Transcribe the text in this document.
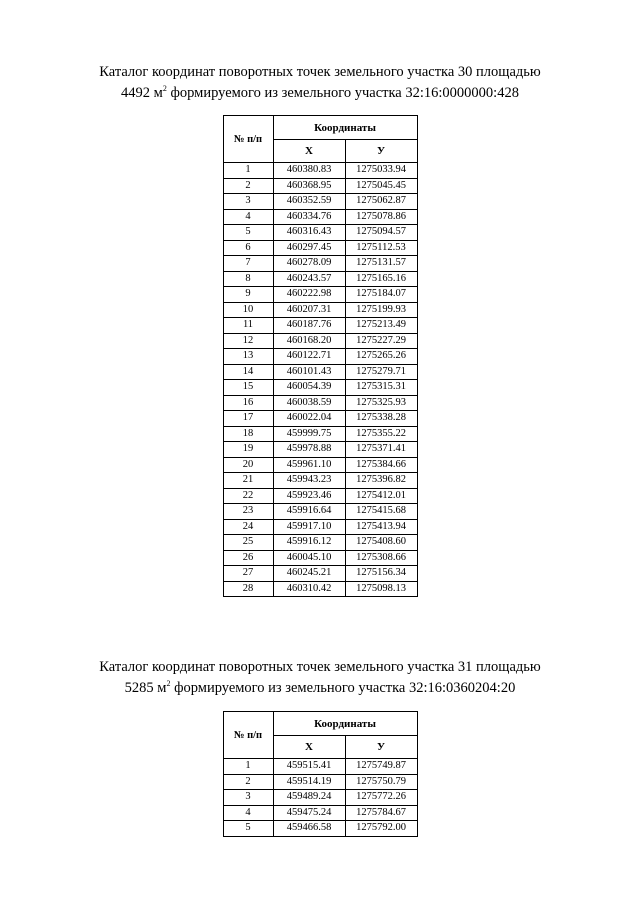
Каталог координат поворотных точек земельного участка 30 площадью
4492 $м^2$ формируемого из земельного участка 32:16:0000000:428

№ п/п	Координаты	
	Х	У
1	460380.83	1275033.94
2	460368.95	1275045.45
3	460352.59	1275062.87
4	460334.76	1275078.86
5	460316.43	1275094.57
6	460297.45	1275112.53
7	460278.09	1275131.57
8	460243.57	1275165.16
9	460222.98	1275184.07
10	460207.31	1275199.93
11	460187.76	1275213.49
12	460168.20	1275227.29
13	460122.71	1275265.26
14	460101.43	1275279.71
15	460054.39	1275315.31
16	460038.59	1275325.93
17	460022.04	1275338.28
18	459999.75	1275355.22
19	459978.88	1275371.41
20	459961.10	1275384.66
21	459943.23	1275396.82
22	459923.46	1275412.01
23	459916.64	1275415.68
24	459917.10	1275413.94
25	459916.12	1275408.60
26	460045.10	1275308.66
27	460245.21	1275156.34
28	460310.42	1275098.13

Каталог координат поворотных точек земельного участка 31 площадью
5285 $м^2$ формируемого из земельного участка 32:16:0360204:20

№ п/п	Координаты	
	Х	У
1	459515.41	1275749.87
2	459514.19	1275750.79
3	459489.24	1275772.26
4	459475.24	1275784.67
5	459466.58	1275792.00
